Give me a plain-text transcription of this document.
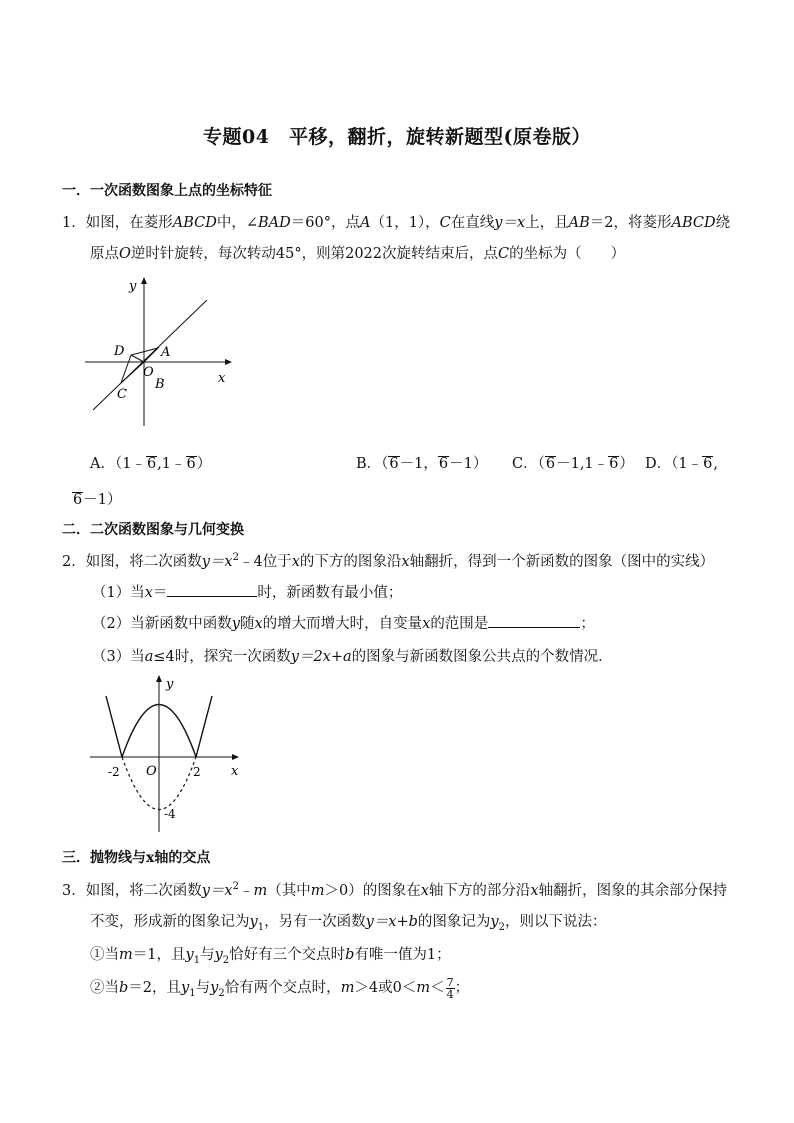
专题04　平移，翻折，旋转新题型(原卷版）
一．一次函数图象上点的坐标特征
1．如图，在菱形ABCD中，∠BAD＝60°，点A（1，1），C在直线y＝x上，且AB＝2，将菱形ABCD绕
原点O逆时针旋转，每次转动45°，则第2022次旋转结束后，点C的坐标为（　　）
y
x
D	A
O
B
C
A．（1﹣6,1﹣6）	B．（6－1，6－1） C．（6－1,1﹣6） D．（1﹣6,
6－1）
二．二次函数图象与几何变换
2．如图，将二次函数$y=x^2﹣4$位于x的下方的图象沿x轴翻折，得到一个新函数的图象（图中的实线）
（1）当x＝	时，新函数有最小值；
（2）当新函数中函数y随x的增大而增大时，自变量x的范围是	；
（3）当a≤4时，探究一次函数y＝2x+a的图象与新函数图象公共点的个数情况．
y
x
-2 O	2
-4
三．抛物线与x轴的交点
3．如图，将二次函数$y=x^2﹣m$（其中m＞0）的图象在x轴下方的部分沿x轴翻折，图象的其余部分保持
不变，形成新的图象记为$y_1$，另有一次函数y＝x+b的图象记为$y_2$，则以下说法：
①当m＝1，且$y_1$与$y_2$恰好有三个交点时b有唯一值为1；
②当b＝2，且$y_1$与$y_2$恰有两个交点时，m＞4或$0<m< \frac{7}{4}$ ；
